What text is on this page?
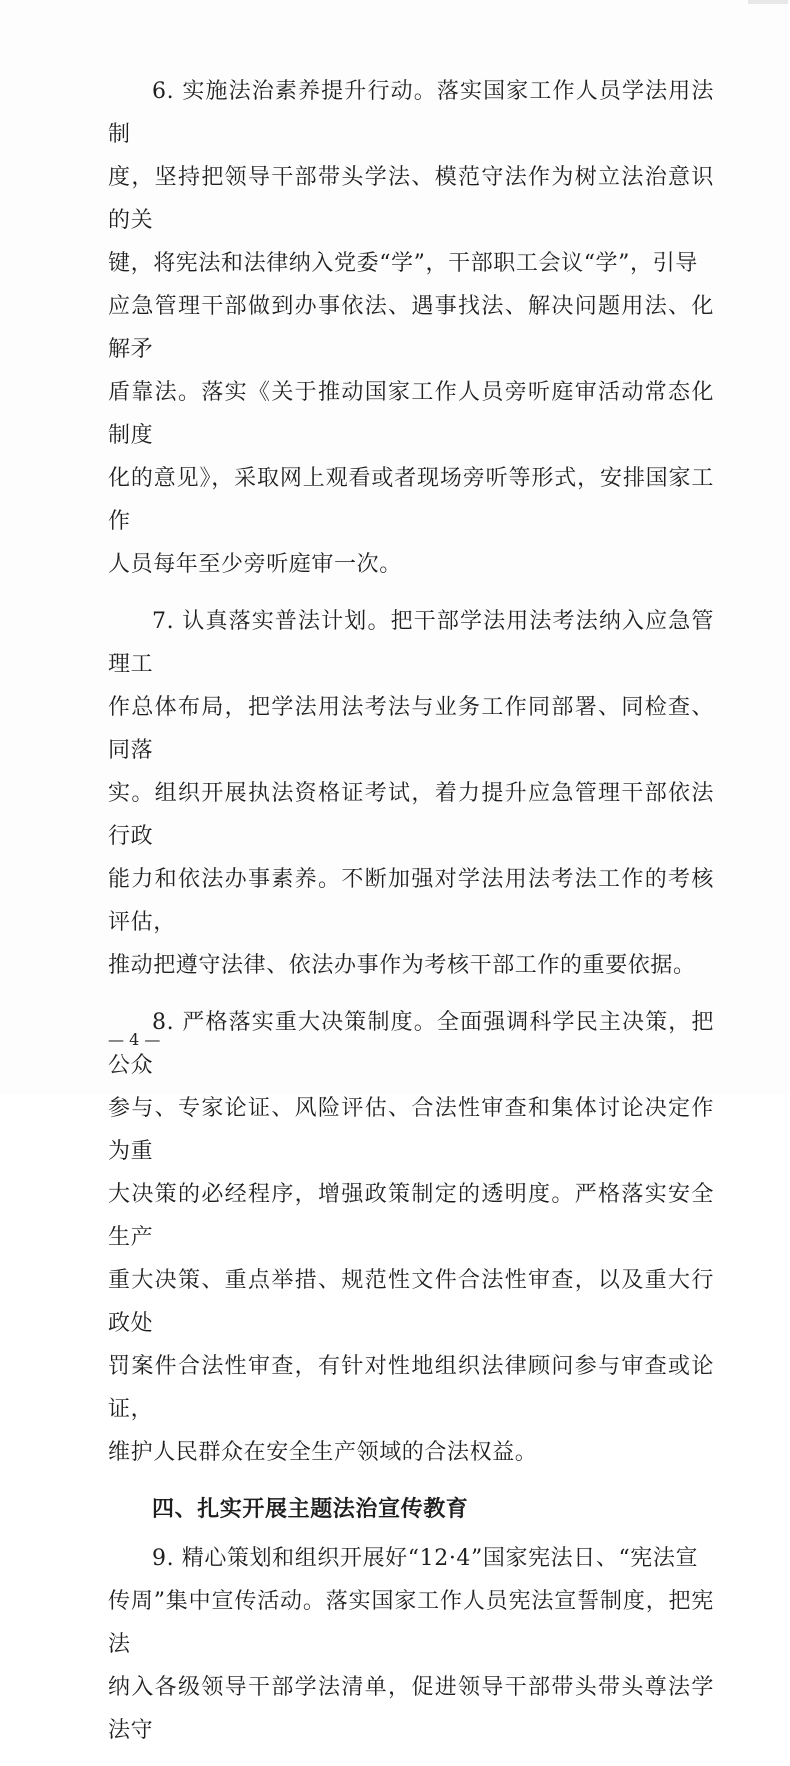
6. 实施法治素养提升行动。落实国家工作人员学法用法制
度，坚持把领导干部带头学法、模范守法作为树立法治意识的关
键，将宪法和法律纳入党委“学”，干部职工会议“学”，引导
应急管理干部做到办事依法、遇事找法、解决问题用法、化解矛
盾靠法。落实《关于推动国家工作人员旁听庭审活动常态化制度
化的意见》，采取网上观看或者现场旁听等形式，安排国家工作
人员每年至少旁听庭审一次。
7. 认真落实普法计划。把干部学法用法考法纳入应急管理工
作总体布局，把学法用法考法与业务工作同部署、同检查、同落
实。组织开展执法资格证考试，着力提升应急管理干部依法行政
能力和依法办事素养。不断加强对学法用法考法工作的考核评估，
推动把遵守法律、依法办事作为考核干部工作的重要依据。
8. 严格落实重大决策制度。全面强调科学民主决策，把公众
参与、专家论证、风险评估、合法性审查和集体讨论决定作为重
大决策的必经程序，增强政策制定的透明度。严格落实安全生产
重大决策、重点举措、规范性文件合法性审查，以及重大行政处
罚案件合法性审查，有针对性地组织法律顾问参与审查或论证，
维护人民群众在安全生产领域的合法权益。
四、扎实开展主题法治宣传教育
9. 精心策划和组织开展好“12·4”国家宪法日、“宪法宣
传周”集中宣传活动。落实国家工作人员宪法宣誓制度，把宪法
纳入各级领导干部学法清单，促进领导干部带头带头尊法学法守
— 4 —
